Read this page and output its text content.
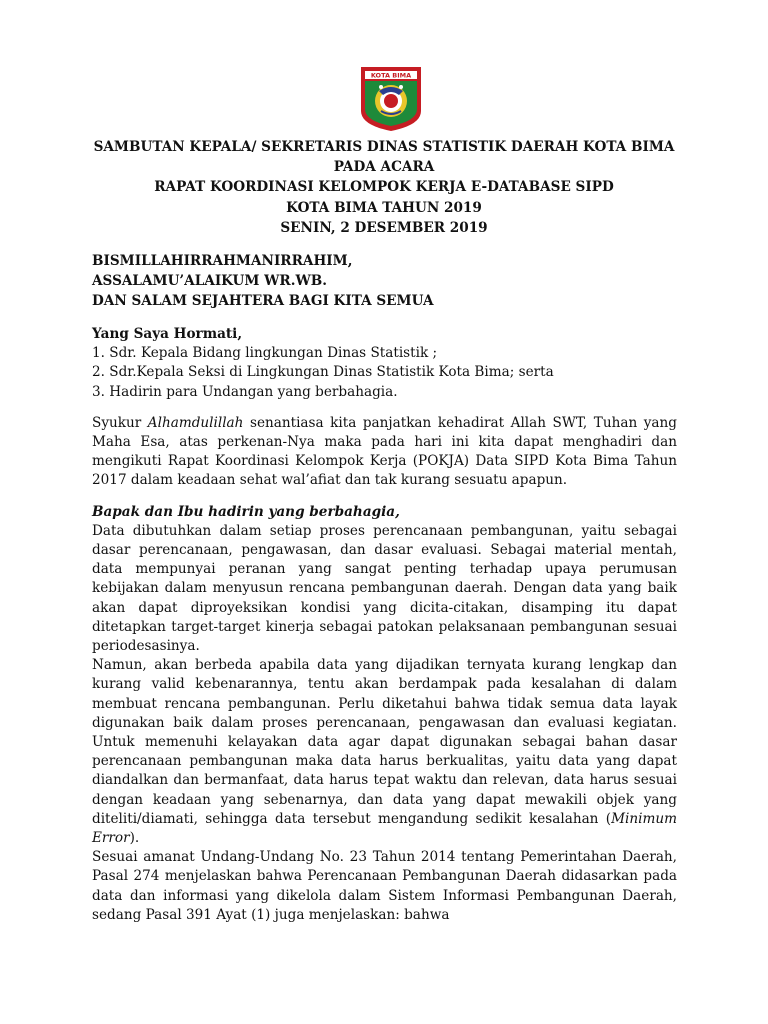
KOTA BIMA
SAMBUTAN KEPALA/ SEKRETARIS DINAS STATISTIK DAERAH KOTA BIMA
PADA ACARA
RAPAT KOORDINASI KELOMPOK KERJA E-DATABASE SIPD
KOTA BIMA TAHUN 2019
SENIN, 2 DESEMBER 2019
BISMILLAHIRRAHMANIRRAHIM,
ASSALAMU’ALAIKUM WR.WB.
DAN SALAM SEJAHTERA BAGI KITA SEMUA
Yang Saya Hormati,
1. Sdr. Kepala Bidang lingkungan Dinas Statistik ;
2. Sdr.Kepala Seksi di Lingkungan Dinas Statistik Kota Bima; serta
3. Hadirin para Undangan yang berbahagia.

Syukur Alhamdulillah senantiasa kita panjatkan kehadirat Allah SWT, Tuhan yang Maha Esa, atas perkenan-Nya maka pada hari ini kita dapat menghadiri dan mengikuti Rapat Koordinasi Kelompok Kerja (POKJA) Data SIPD Kota Bima Tahun 2017 dalam keadaan sehat wal’afiat dan tak kurang sesuatu apapun.

Bapak dan Ibu hadirin yang berbahagia,

Data dibutuhkan dalam setiap proses perencanaan pembangunan, yaitu sebagai dasar perencanaan, pengawasan, dan dasar evaluasi. Sebagai material mentah, data mempunyai peranan yang sangat penting terhadap upaya perumusan kebijakan dalam menyusun rencana pembangunan daerah. Dengan data yang baik akan dapat diproyeksikan kondisi yang dicita-citakan, disamping itu dapat ditetapkan target-target kinerja sebagai patokan pelaksanaan pembangunan sesuai periodesasinya.

Namun, akan berbeda apabila data yang dijadikan ternyata kurang lengkap dan kurang valid kebenarannya, tentu akan berdampak pada kesalahan di dalam membuat rencana pembangunan. Perlu diketahui bahwa tidak semua data layak digunakan baik dalam proses perencanaan, pengawasan dan evaluasi kegiatan. Untuk memenuhi kelayakan data agar dapat digunakan sebagai bahan dasar perencanaan pembangunan maka data harus berkualitas, yaitu data yang dapat diandalkan dan bermanfaat, data harus tepat waktu dan relevan, data harus sesuai dengan keadaan yang sebenarnya, dan data yang dapat mewakili objek yang diteliti/diamati, sehingga data tersebut mengandung sedikit kesalahan (Minimum Error).

Sesuai amanat Undang-Undang No. 23 Tahun 2014 tentang Pemerintahan Daerah, Pasal 274 menjelaskan bahwa Perencanaan Pembangunan Daerah didasarkan pada data dan informasi yang dikelola dalam Sistem Informasi Pembangunan Daerah, sedang Pasal 391 Ayat (1) juga menjelaskan: bahwa
